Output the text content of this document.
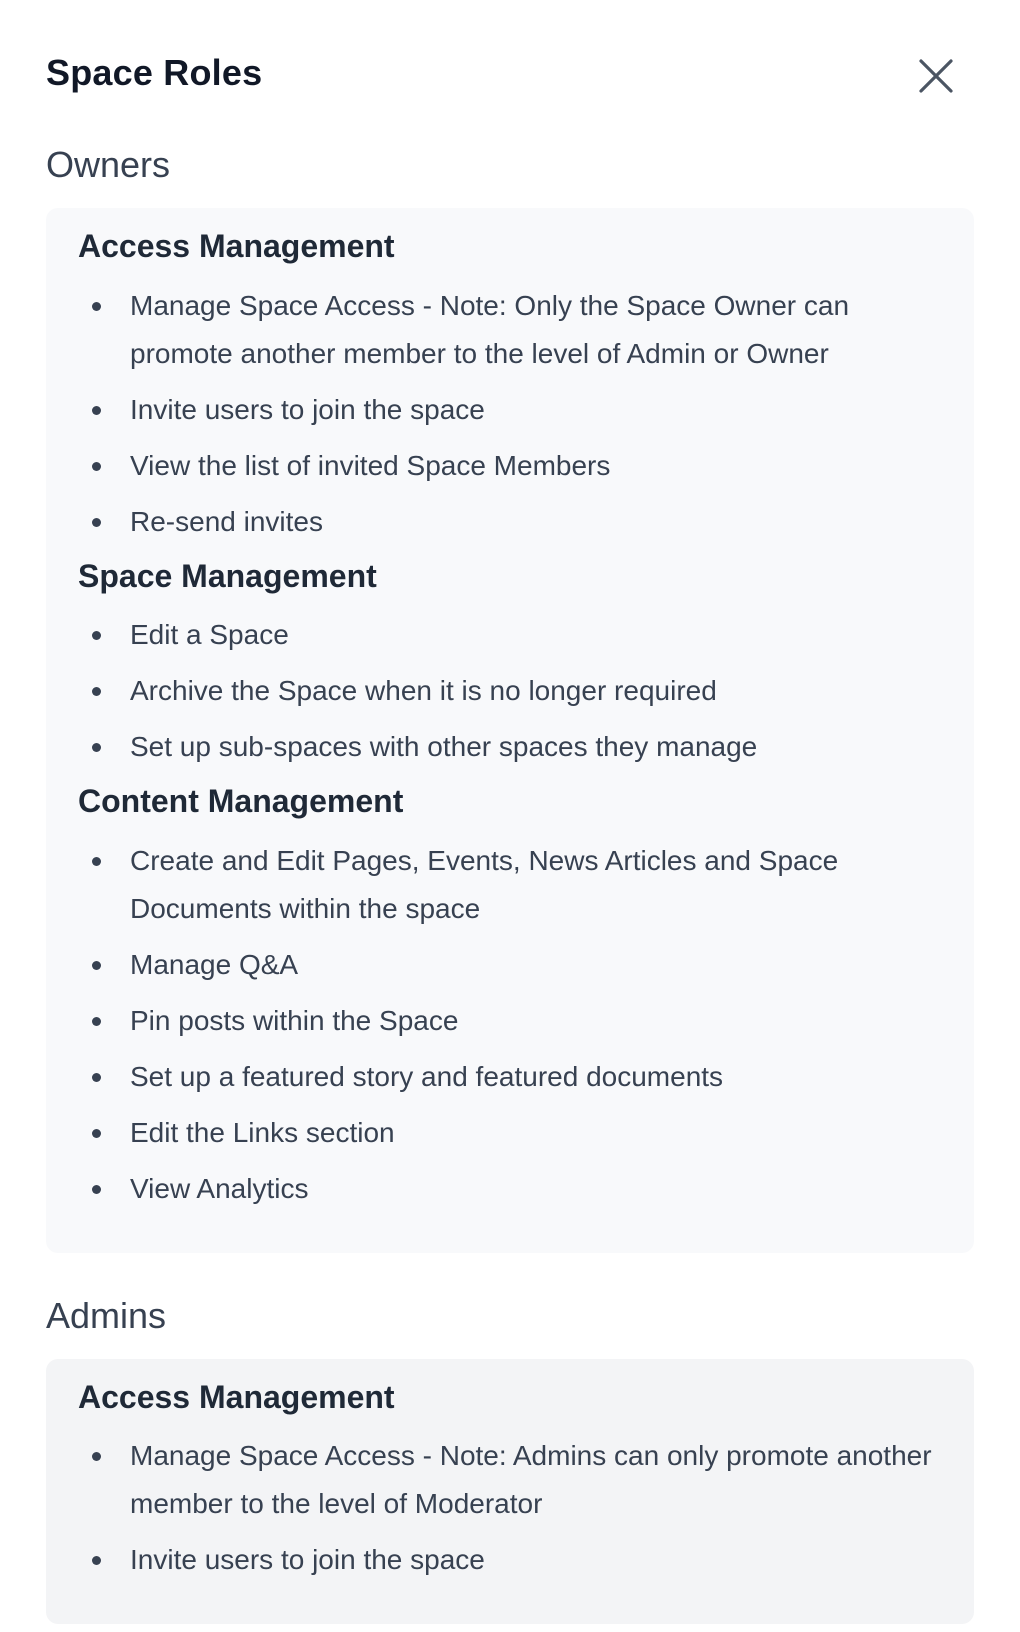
Space Roles
Owners
Access Management
Manage Space Access - Note: Only the Space Owner can promote another member to the level of Admin or Owner
Invite users to join the space
View the list of invited Space Members
Re-send invites
Space Management
Edit a Space
Archive the Space when it is no longer required
Set up sub-spaces with other spaces they manage
Content Management
Create and Edit Pages, Events, News Articles and Space Documents within the space
Manage Q&A
Pin posts within the Space
Set up a featured story and featured documents
Edit the Links section
View Analytics
Admins
Access Management
Manage Space Access - Note: Admins can only promote another member to the level of Moderator
Invite users to join the space
